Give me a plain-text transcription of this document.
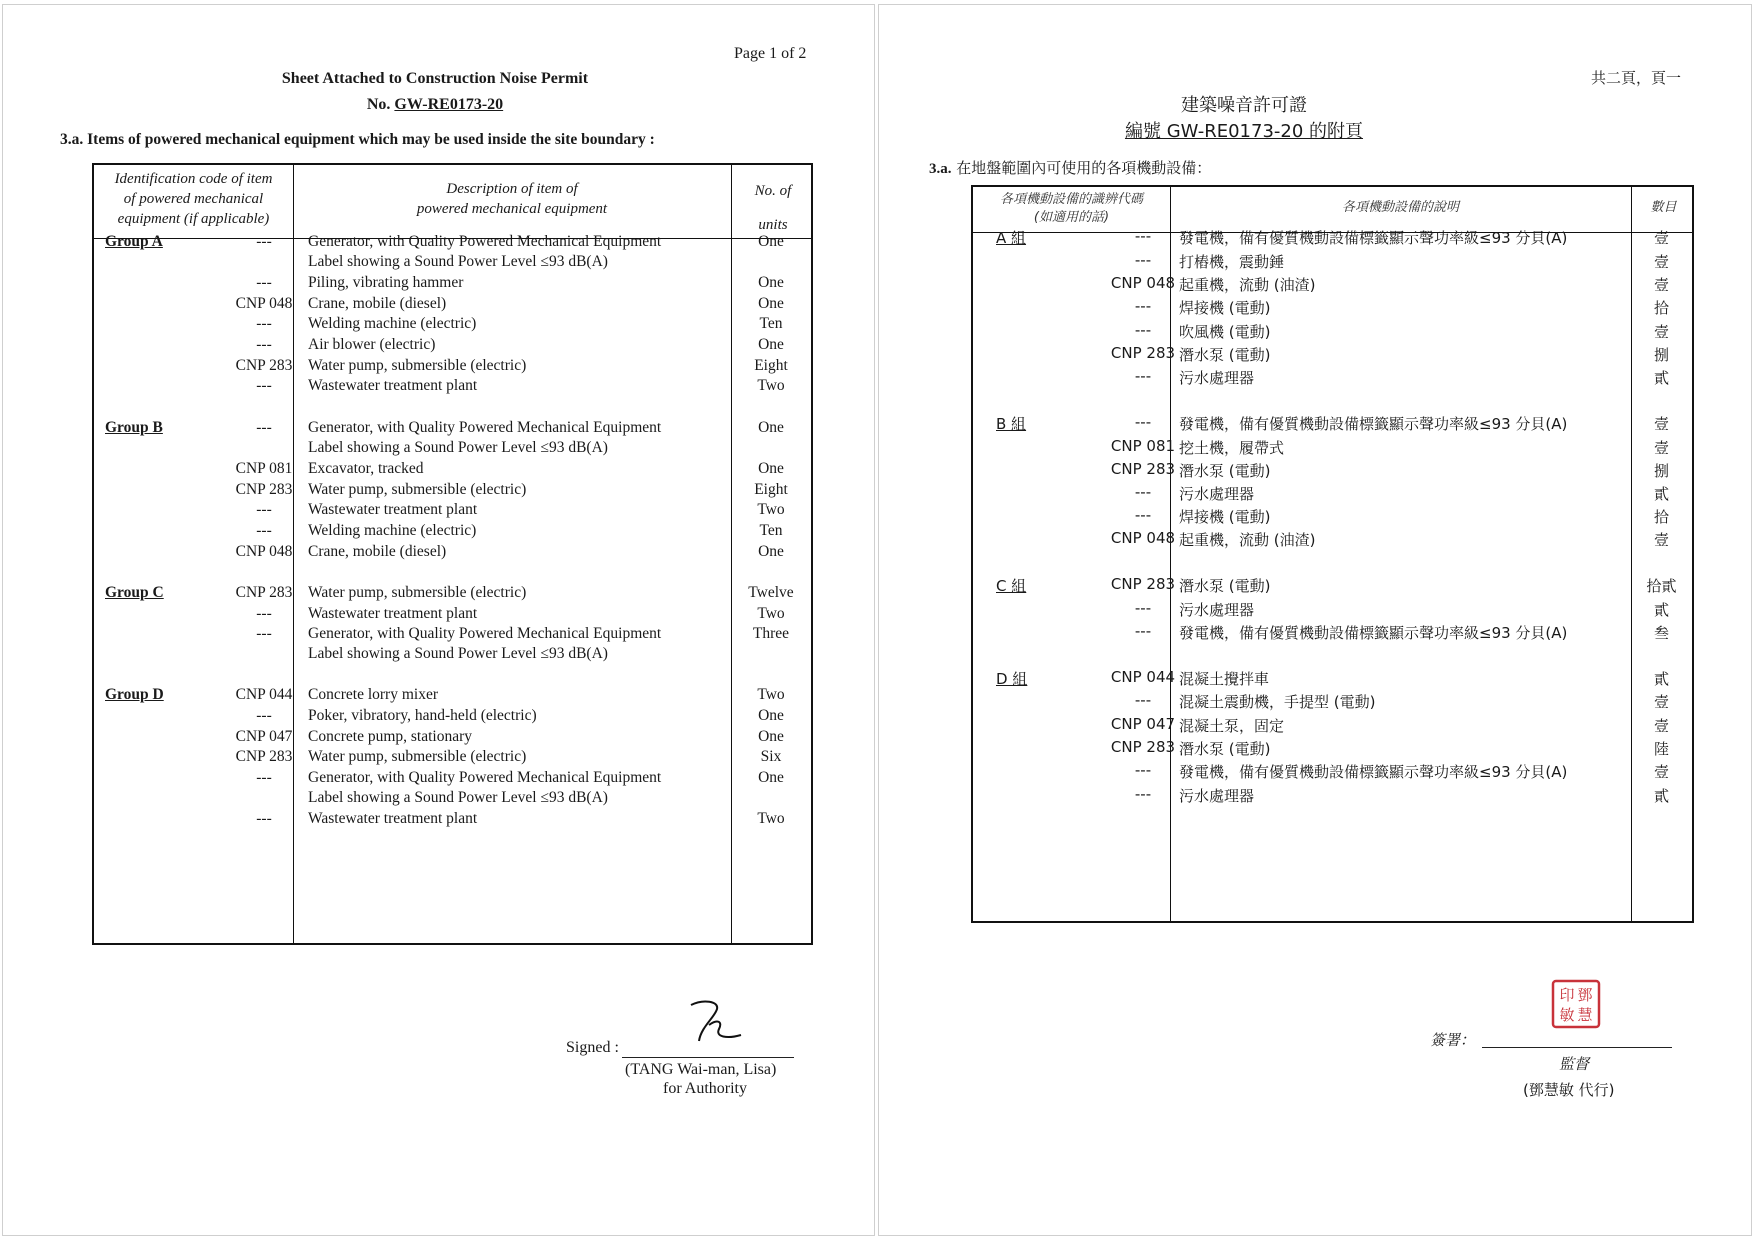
Page 1 of 2
Sheet Attached to Construction Noise Permit
No. GW-RE0173-20
3.a. Items of powered mechanical equipment which may be used inside the site boundary :
Identification code of item
of powered mechanical
equipment (if applicable)
Description of item of
powered mechanical equipment
No. of
units
Group A	---	Generator, with Quality Powered Mechanical Equipment	One
Label showing a Sound Power Level ≤93 dB(A)
---	Piling, vibrating hammer	One
CNP 048	Crane, mobile (diesel)	One
---	Welding machine (electric)	Ten
---	Air blower (electric)	One
CNP 283	Water pump, submersible (electric)	Eight
---	Wastewater treatment plant	Two
Group B	---	Generator, with Quality Powered Mechanical Equipment	One
Label showing a Sound Power Level ≤93 dB(A)
CNP 081	Excavator, tracked	One
CNP 283	Water pump, submersible (electric)	Eight
---	Wastewater treatment plant	Two
---	Welding machine (electric)	Ten
CNP 048	Crane, mobile (diesel)	One
Group C	CNP 283	Water pump, submersible (electric)	Twelve
---	Wastewater treatment plant	Two
---	Generator, with Quality Powered Mechanical Equipment	Three
Label showing a Sound Power Level ≤93 dB(A)
Group D	CNP 044	Concrete lorry mixer	Two
---	Poker, vibratory, hand-held (electric)	One
CNP 047	Concrete pump, stationary	One
CNP 283	Water pump, submersible (electric)	Six
---	Generator, with Quality Powered Mechanical Equipment	One
Label showing a Sound Power Level ≤93 dB(A)
---	Wastewater treatment plant	Two
Signed :
(TANG Wai-man, Lisa)
for Authority
共二頁，頁一
建築噪音許可證
編號 GW-RE0173-20 的附頁
3.a. 在地盤範圍內可使用的各項機動設備：
各項機動設備的識辨代碼
(如適用的話)
各項機動設備的說明	數目
A 組	---	發電機，備有優質機動設備標籤顯示聲功率級≤93 分貝(A)	壹
---	打樁機，震動錘	壹
CNP 048 起重機，流動 (油渣)	壹
---	焊接機 (電動)	拾
---	吹風機 (電動)	壹
CNP 283 潛水泵 (電動)	捌
---	污水處理器	貳
B 組	---	發電機，備有優質機動設備標籤顯示聲功率級≤93 分貝(A)	壹
CNP 081 挖土機，履帶式	壹
CNP 283 潛水泵 (電動)	捌
---	污水處理器	貳
---	焊接機 (電動)	拾
CNP 048 起重機，流動 (油渣)	壹
C 組	CNP 283 潛水泵 (電動)	拾貳
---	污水處理器	貳
---	發電機，備有優質機動設備標籤顯示聲功率級≤93 分貝(A)	叁
D 組	CNP 044 混凝土攪拌車	貳
---	混凝土震動機，手提型 (電動)	壹
CNP 047 混凝土泵，固定	壹
CNP 283 潛水泵 (電動)	陸
---	發電機，備有優質機動設備標籤顯示聲功率級≤93 分貝(A)	壹
---	污水處理器	貳
鄧
印
慧
敏
簽署：
監督
(鄧慧敏 代行)
